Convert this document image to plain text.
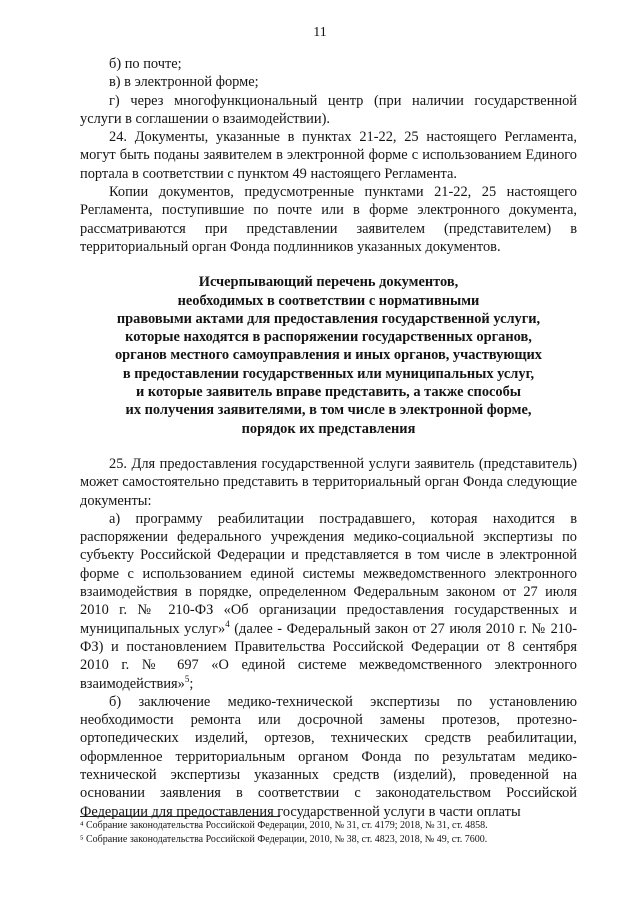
11

б) по почте;

в) в электронной форме;

г) через многофункциональный центр (при наличии государственной услуги в соглашении о взаимодействии).

24. Документы, указанные в пунктах 21-22, 25 настоящего Регламента, могут быть поданы заявителем в электронной форме с использованием Единого портала в соответствии с пунктом 49 настоящего Регламента.

Копии документов, предусмотренные пунктами 21-22, 25 настоящего Регламента, поступившие по почте или в форме электронного документа, рассматриваются при представлении заявителем (представителем) в территориальный орган Фонда подлинников указанных документов.

Исчерпывающий перечень документов,
необходимых в соответствии с нормативными
правовыми актами для предоставления государственной услуги,
которые находятся в распоряжении государственных органов,
органов местного самоуправления и иных органов, участвующих
в предоставлении государственных или муниципальных услуг,
и которые заявитель вправе представить, а также способы
их получения заявителями, в том числе в электронной форме,
порядок их представления

25. Для предоставления государственной услуги заявитель (представитель) может самостоятельно представить в территориальный орган Фонда следующие документы:

а) программу реабилитации пострадавшего, которая находится в распоряжении федерального учреждения медико-социальной экспертизы по субъекту Российской Федерации и представляется в том числе в электронной форме с использованием единой системы межведомственного электронного взаимодействия в порядке, определенном Федеральным законом от 27 июля 2010 г. № 210-ФЗ «Об организации предоставления государственных и муниципальных услуг»$^4$ (далее - Федеральный закон от 27 июля 2010 г. № 210-ФЗ) и постановлением Правительства Российской Федерации от 8 сентября 2010 г. № 697 «О единой системе межведомственного электронного взаимодействия»$^5$;

б) заключение медико-технической экспертизы по установлению необходимости ремонта или досрочной замены протезов, протезно-ортопедических изделий, ортезов, технических средств реабилитации, оформленное территориальным органом Фонда по результатам медико-технической экспертизы указанных средств (изделий), проведенной на основании заявления в соответствии с законодательством Российской Федерации для предоставления государственной услуги в части оплаты

⁴ Собрание законодательства Российской Федерации, 2010, № 31, ст. 4179; 2018, № 31, ст. 4858.
⁵ Собрание законодательства Российской Федерации, 2010, № 38, ст. 4823, 2018, № 49, ст. 7600.
